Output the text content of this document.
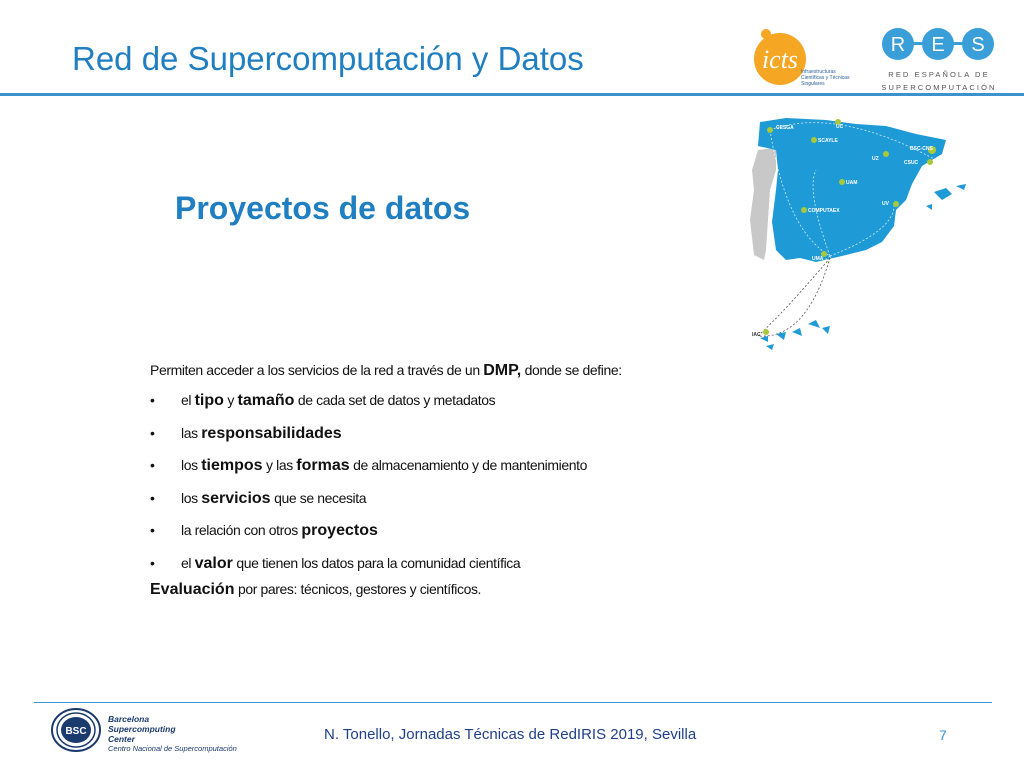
Red de Supercomputación y Datos	icts Infraestructuras
Científicas y Técnicas
Singulares
R E S
RED ESPAÑOLA DE
SUPERCOMPUTACIÓN
CESGA	UC
SCAYLE
BSC-CNS
UZ
CSUC
UAM
UV
COMPUTAEX
UMA
IAC
Proyectos de datos
Permiten acceder a los servicios de la red a través de un DMP, donde se define:
• el tipo y tamaño de cada set de datos y metadatos
• las responsabilidades
• los tiempos y las formas de almacenamiento y de mantenimiento
• los servicios que se necesita
• la relación con otros proyectos
• el valor que tienen los datos para la comunidad científica
Evaluación por pares: técnicos, gestores y científicos.
BSC
Barcelona
Supercomputing
Center
Centro Nacional de Supercomputación
N. Tonello, Jornadas Técnicas de RedIRIS 2019, Sevilla	7
